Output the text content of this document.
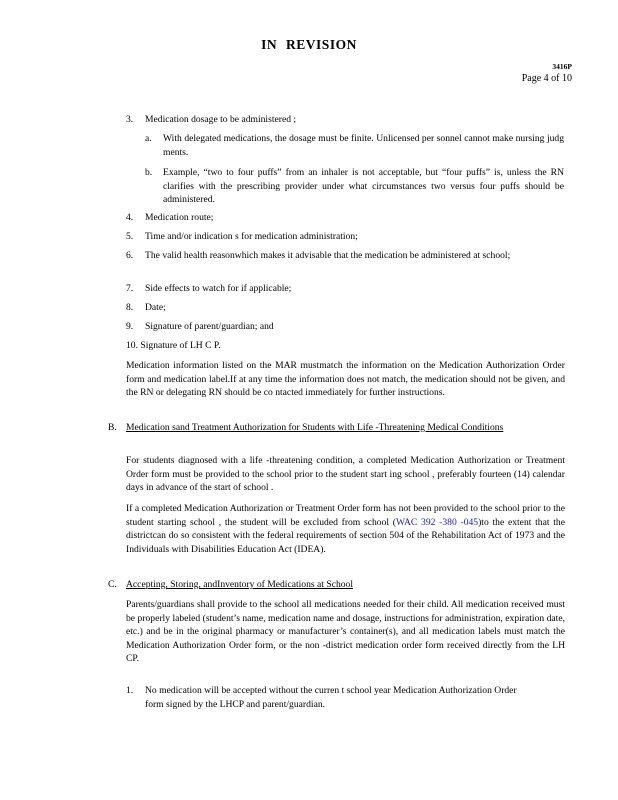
IN REVISION
3416P
Page 4 of 10
3. Medication dosage to be administered ;
a. With delegated medications, the dosage must be finite. Unlicensed per sonnel cannot make nursing judg ments.
b. Example, “two to four puffs” from an inhaler is not acceptable, but “four puffs” is, unless the RN clarifies with the prescribing provider under what circumstances two versus four puffs should be administered.
4. Medication route;
5. Time and/or indication s for medication administration;
6. The valid health reasonwhich makes it advisable that the medication be administered at school;
7. Side effects to watch for if applicable;
8. Date;
9. Signature of parent/guardian; and
10. Signature of LH C P.
Medication information listed on the MAR mustmatch the information on the Medication Authorization Order form and medication label.If at any time the information does not match, the medication should not be given, and the RN or delegating RN should be co ntacted immediately for further instructions.
B. Medication sand Treatment Authorization for Students with Life -Threatening Medical Conditions
For students diagnosed with a life -threatening condition, a completed Medication Authorization or Treatment Order form must be provided to the school prior to the student start ing school , preferably fourteen (14) calendar days in advance of the start of school .
If a completed Medication Authorization or Treatment Order form has not been provided to the school prior to the student starting school , the student will be excluded from school (WAC 392 -380 -045)to the extent that the districtcan do so consistent with the federal requirements of section 504 of the Rehabilitation Act of 1973 and the Individuals with Disabilities Education Act (IDEA).
C. Accepting, Storing, andInventory of Medications at School
Parents/guardians shall provide to the school all medications needed for their child. All medication received must be properly labeled (student’s name, medication name and dosage, instructions for administration, expiration date, etc.) and be in the original pharmacy or manufacturer’s container(s), and all medication labels must match the Medication Authorization Order form, or the non -district medication order form received directly from the LH CP.
1. No medication will be accepted without the curren t school year Medication Authorization Order form signed by the LHCP and parent/guardian.
